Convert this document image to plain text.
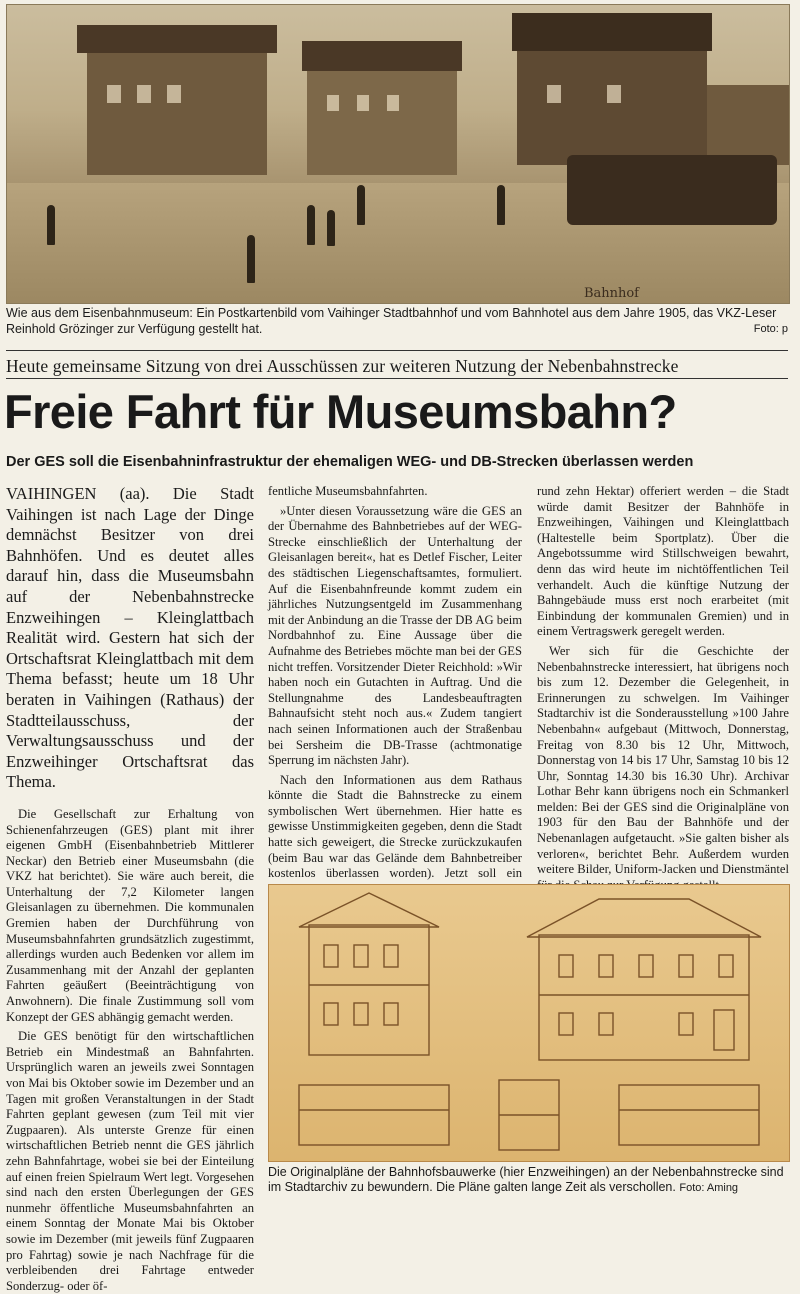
Bahnhof
Wie aus dem Eisenbahnmuseum: Ein Postkartenbild vom Vaihinger Stadtbahnhof und vom Bahnhotel aus dem Jahre 1905, das VKZ-Leser Reinhold Grözinger zur Verfügung gestellt hat.	Foto: p
Heute gemeinsame Sitzung von drei Ausschüssen zur weiteren Nutzung der Nebenbahnstrecke
Freie Fahrt für Museumsbahn?
Der GES soll die Eisenbahninfrastruktur der ehemaligen WEG- und DB-Strecken überlassen werden

VAIHINGEN (aa). Die Stadt Vaihingen ist nach Lage der Dinge demnächst Besitzer von drei Bahnhöfen. Und es deutet alles darauf hin, dass die Museumsbahn auf der Nebenbahnstrecke Enzweihingen – Kleinglattbach Realität wird. Gestern hat sich der Ortschaftsrat Kleinglattbach mit dem Thema befasst; heute um 18 Uhr beraten in Vaihingen (Rathaus) der Stadtteilausschuss, der Verwaltungsausschuss und der Enzweihinger Ortschaftsrat das Thema.

Die Gesellschaft zur Erhaltung von Schienenfahrzeugen (GES) plant mit ihrer eigenen GmbH (Eisenbahnbetrieb Mittlerer Neckar) den Betrieb einer Museumsbahn (die VKZ hat berichtet). Sie wäre auch bereit, die Unterhaltung der 7,2 Kilometer langen Gleisanlagen zu übernehmen. Die kommunalen Gremien haben der Durchführung von Museumsbahnfahrten grundsätzlich zugestimmt, allerdings wurden auch Bedenken vor allem im Zusammenhang mit der Anzahl der geplanten Fahrten geäußert (Beeinträchtigung von Anwohnern). Die finale Zustimmung soll vom Konzept der GES abhängig gemacht werden.

Die GES benötigt für den wirtschaftlichen Betrieb ein Mindestmaß an Bahnfahrten. Ursprünglich waren an jeweils zwei Sonntagen von Mai bis Oktober sowie im Dezember und an Tagen mit großen Veranstaltungen in der Stadt Fahrten geplant gewesen (zum Teil mit vier Zugpaaren). Als unterste Grenze für einen wirtschaftlichen Betrieb nennt die GES jährlich zehn Bahnfahrtage, wobei sie bei der Einteilung auf einen freien Spielraum Wert legt. Vorgesehen sind nach den ersten Überlegungen der GES nunmehr öffentliche Museumsbahnfahrten an einem Sonntag der Monate Mai bis Oktober sowie im Dezember (mit jeweils fünf Zugpaaren pro Fahrtag) sowie je nach Nachfrage für die verbleibenden drei Fahrtage entweder Sonderzug- oder öf-

fentliche Museumsbahnfahrten.

»Unter diesen Voraussetzung wäre die GES an der Übernahme des Bahnbetriebes auf der WEG-Strecke einschließlich der Unterhaltung der Gleisanlagen bereit«, hat es Detlef Fischer, Leiter des städtischen Liegenschaftsamtes, formuliert. Auf die Eisenbahnfreunde kommt zudem ein jährliches Nutzungsentgeld im Zusammenhang mit der Anbindung an die Trasse der DB AG beim Nordbahnhof zu. Eine Aussage über die Aufnahme des Betriebes möchte man bei der GES nicht treffen. Vorsitzender Dieter Reichhold: »Wir haben noch ein Gutachten in Auftrag. Und die Stellungnahme des Landesbeauftragten Bahnaufsicht steht noch aus.« Zudem tangiert nach seinen Informationen auch der Straßenbau bei Sersheim die DB-Trasse (achtmonatige Sperrung im nächsten Jahr).

Nach den Informationen aus dem Rathaus könnte die Stadt die Bahnstrecke zu einem symbolischen Wert übernehmen. Hier hatte es gewisse Unstimmigkeiten gegeben, denn die Stadt hatte sich geweigert, die Strecke zurückzukaufen (beim Bau war das Gelände dem Bahnbetreiber kostenlos überlassen worden). Jetzt soll ein

rund zehn Hektar) offeriert werden – die Stadt würde damit Besitzer der Bahnhöfe in Enzweihingen, Vaihingen und Kleinglattbach (Haltestelle beim Sportplatz). Über die Angebotssumme wird Stillschweigen bewahrt, denn das wird heute im nichtöffentlichen Teil verhandelt. Auch die künftige Nutzung der Bahngebäude muss erst noch erarbeitet (mit Einbindung der kommunalen Gremien) und in einem Vertragswerk geregelt werden.

Wer sich für die Geschichte der Nebenbahnstrecke interessiert, hat übrigens noch bis zum 12. Dezember die Gelegenheit, in Erinnerungen zu schwelgen. Im Vaihinger Stadtarchiv ist die Sonderausstellung »100 Jahre Nebenbahn« aufgebaut (Mittwoch, Donnerstag, Freitag von 8.30 bis 12 Uhr, Mittwoch, Donnerstag von 14 bis 17 Uhr, Samstag 10 bis 12 Uhr, Sonntag 14.30 bis 16.30 Uhr). Archivar Lothar Behr kann übrigens noch ein Schmankerl melden: Bei der GES sind die Originalpläne von 1903 für den Bau der Bahnhöfe und der Nebenanlagen aufgetaucht. »Sie galten bisher als verloren«, berichtet Behr. Außerdem wurden weitere Bilder, Uniform-Jacken und Dienstmäntel

Die Originalpläne der Bahnhofsbauwerke (hier Enzweihingen) an der Nebenbahnstrecke sind im Stadtarchiv zu bewundern. Die Pläne galten lange Zeit als verschollen. Foto: Aming
